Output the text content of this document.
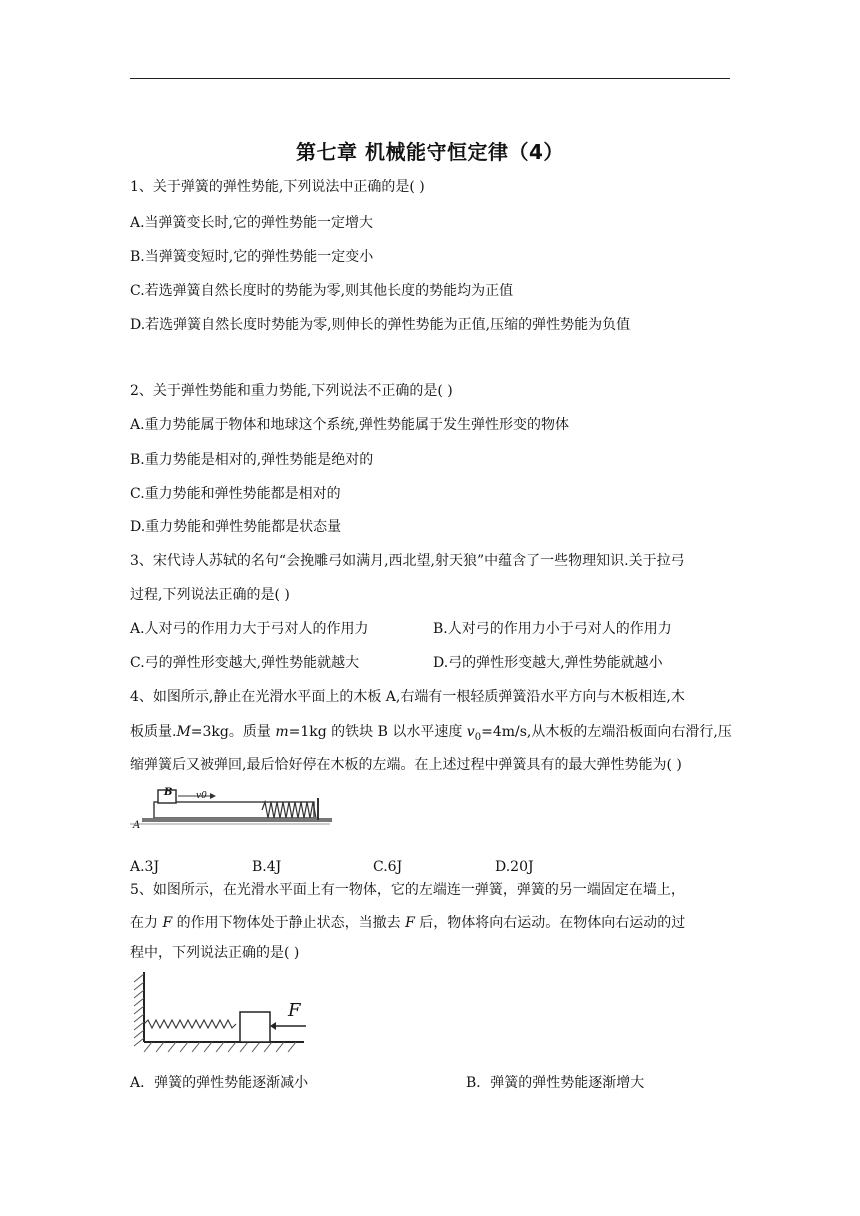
第七章 机械能守恒定律（4）
1、关于弹簧的弹性势能,下列说法中正确的是( )
A.当弹簧变长时,它的弹性势能一定增大
B.当弹簧变短时,它的弹性势能一定变小
C.若选弹簧自然长度时的势能为零,则其他长度的势能均为正值
D.若选弹簧自然长度时势能为零,则伸长的弹性势能为正值,压缩的弹性势能为负值
2、关于弹性势能和重力势能,下列说法不正确的是( )
A.重力势能属于物体和地球这个系统,弹性势能属于发生弹性形变的物体
B.重力势能是相对的,弹性势能是绝对的
C.重力势能和弹性势能都是相对的
D.重力势能和弹性势能都是状态量
3、宋代诗人苏轼的名句“会挽雕弓如满月,西北望,射天狼”中蕴含了一些物理知识.关于拉弓
过程,下列说法正确的是( )
A.人对弓的作用力大于弓对人的作用力	B.人对弓的作用力小于弓对人的作用力
C.弓的弹性形变越大,弹性势能就越大	D.弓的弹性形变越大,弹性势能就越小
4、如图所示,静止在光滑水平面上的木板 A,右端有一根轻质弹簧沿水平方向与木板相连,木
板质量.M=3kg。质量 m=1kg 的铁块 B 以水平速度 $v_0=4m/s$,从木板的左端沿板面向右滑行,压
缩弹簧后又被弹回,最后恰好停在木板的左端。在上述过程中弹簧具有的最大弹性势能为( )
B	v0
A
A.3J	B.4J	C.6J	D.20J
5、如图所示，在光滑水平面上有一物体，它的左端连一弹簧，弹簧的另一端固定在墙上，
在力 F 的作用下物体处于静止状态，当撤去 F 后，物体将向右运动。在物体向右运动的过
程中，下列说法正确的是( )
F
A．弹簧的弹性势能逐渐减小	B．弹簧的弹性势能逐渐增大
